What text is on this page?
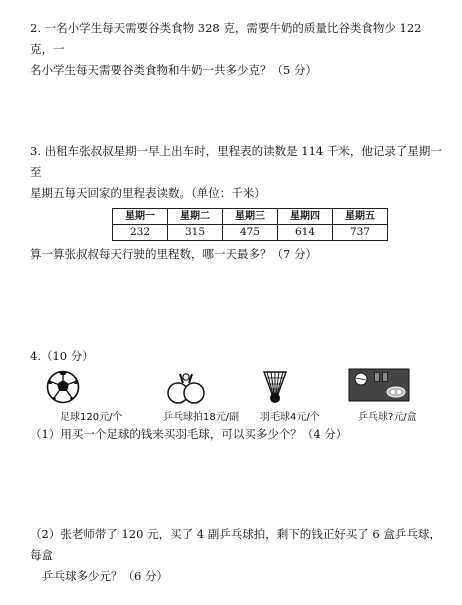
2. 一名小学生每天需要谷类食物 328 克，需要牛奶的质量比谷类食物少 122 克，一
名小学生每天需要谷类食物和牛奶一共多少克？（5 分）
3. 出租车张叔叔星期一早上出车时，里程表的读数是 114 千米，他记录了星期一至
星期五每天回家的里程表读数。（单位：千米）
星期一	星期二	星期三	星期四	星期五
232	315	475	614	737
算一算张叔叔每天行驶的里程数，哪一天最多？（7 分）
4.（10 分）
足球120元/个	乒乓球拍18元/副 羽毛球4元/个	乒乓球?元/盒
（1）用买一个足球的钱来买羽毛球，可以买多少个？（4 分）
（2）张老师带了 120 元，买了 4 副乒乓球拍，剩下的钱正好买了 6 盒乒乓球，每盒
乒乓球多少元？（6 分）
